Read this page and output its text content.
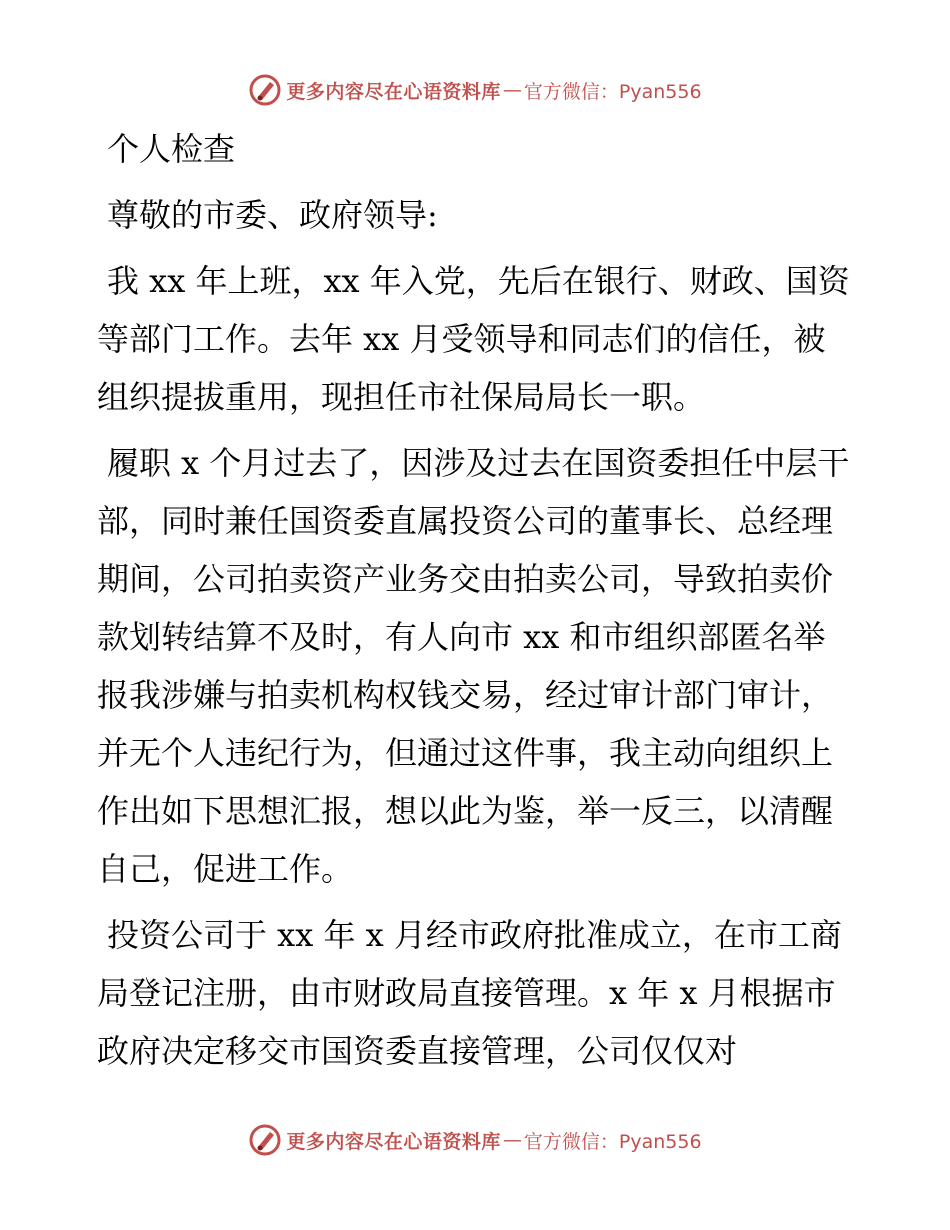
更多内容尽在心语资料库 — 官方微信：Pyan556

个人检查

尊敬的市委、政府领导:

我 xx 年上班，xx 年入党，先后在银行、财政、国资等部门工作。去年 xx 月受领导和同志们的信任，被组织提拔重用，现担任市社保局局长一职。

履职 x 个月过去了，因涉及过去在国资委担任中层干部，同时兼任国资委直属投资公司的董事长、总经理期间，公司拍卖资产业务交由拍卖公司，导致拍卖价款划转结算不及时，有人向市 xx 和市组织部匿名举报我涉嫌与拍卖机构权钱交易，经过审计部门审计，并无个人违纪行为，但通过这件事，我主动向组织上作出如下思想汇报，想以此为鉴，举一反三，以清醒自己，促进工作。

投资公司于 xx 年 x 月经市政府批准成立，在市工商局登记注册，由市财政局直接管理。x 年 x 月根据市政府决定移交市国资委直接管理，公司仅仅对

更多内容尽在心语资料库 — 官方微信：Pyan556
